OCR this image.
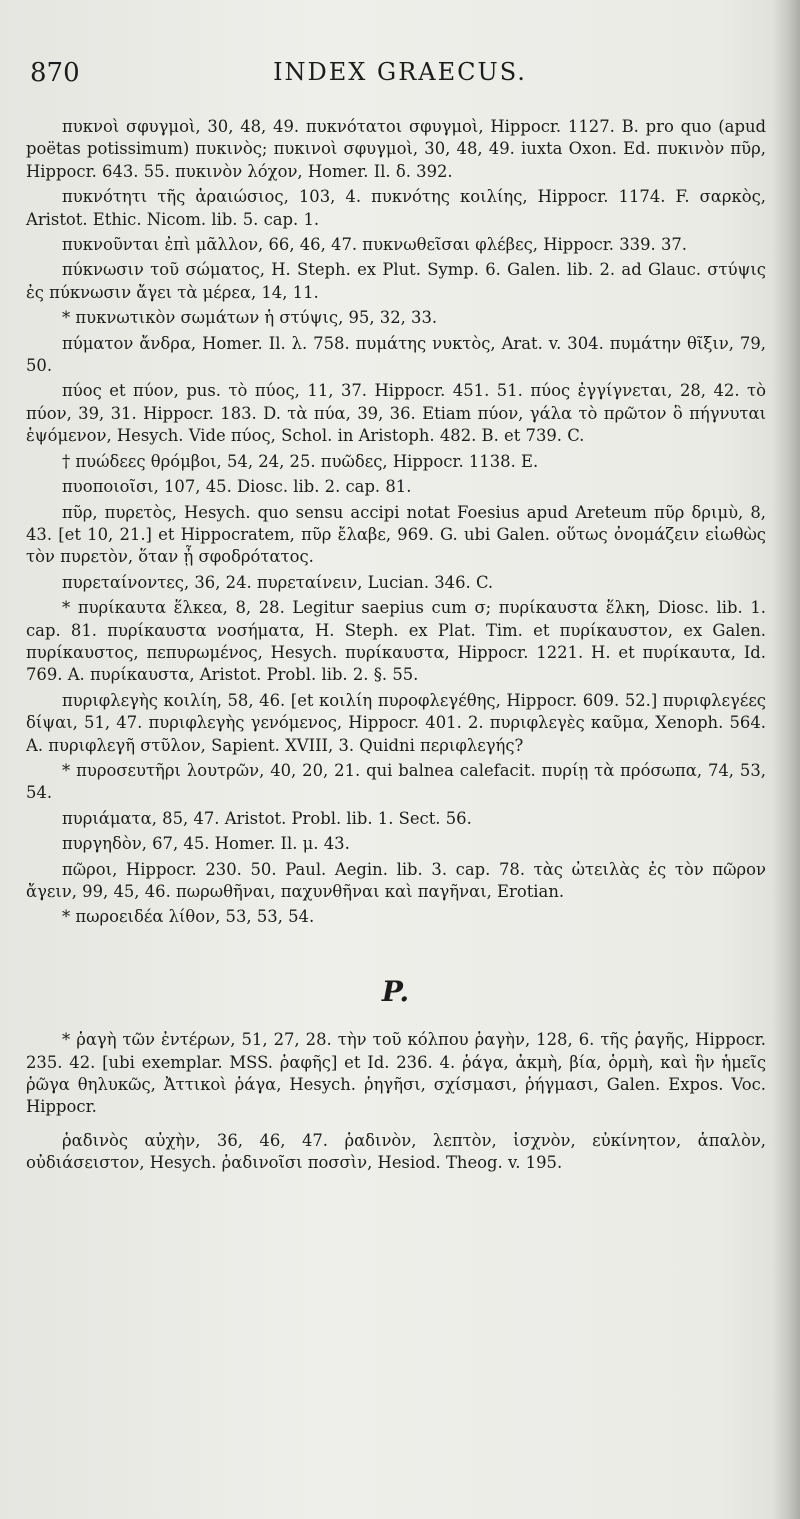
870	INDEX GRAECUS.

πυκνοὶ σφυγμοὶ, 30, 48, 49. πυκνότατοι σφυγμοὶ, Hippocr. 1127. B. pro quo (apud poëtas potissimum) πυκινὸς; πυκινοὶ σφυγμοὶ, 30, 48, 49. iuxta Oxon. Ed. πυκινὸν πῦρ, Hippocr. 643. 55. πυκινὸν λόχον, Homer. Il. δ. 392.

πυκνότητι τῆς ἀραιώσιος, 103, 4. πυκνότης κοιλίης, Hippocr. 1174. F. σαρκὸς, Aristot. Ethic. Nicom. lib. 5. cap. 1.

πυκνοῦνται ἐπὶ μᾶλλον, 66, 46, 47. πυκνωθεῖσαι φλέβες, Hippocr. 339. 37.

πύκνωσιν τοῦ σώματος, H. Steph. ex Plut. Symp. 6. Galen. lib. 2. ad Glauc. στύψις ἐς πύκνωσιν ἄγει τὰ μέρεα, 14, 11.

* πυκνωτικὸν σωμάτων ἡ στύψις, 95, 32, 33.

πύματον ἄνδρα, Homer. Il. λ. 758. πυμάτης νυκτὸς, Arat. v. 304. πυμάτην θῖξιν, 79, 50.

πύος et πύον, pus. τὸ πύος, 11, 37. Hippocr. 451. 51. πύος ἐγγίγνεται, 28, 42. τὸ πύον, 39, 31. Hippocr. 183. D. τὰ πύα, 39, 36. Etiam πύον, γάλα τὸ πρῶτον ὃ πήγνυται ἑψόμενον, Hesych. Vide πύος, Schol. in Aristoph. 482. B. et 739. C.

† πυώδεες θρόμβοι, 54, 24, 25. πυῶδες, Hippocr. 1138. E.

πυοποιοῖσι, 107, 45. Diosc. lib. 2. cap. 81.

πῦρ, πυρετὸς, Hesych. quo sensu accipi notat Foesius apud Areteum πῦρ δριμὺ, 8, 43. [et 10, 21.] et Hippocratem, πῦρ ἔλαβε, 969. G. ubi Galen. οὕτως ὀνομάζειν εἰωθὼς τὸν πυρετὸν, ὅταν ᾖ σφοδρότατος.

πυρεταίνοντες, 36, 24. πυρεταίνειν, Lucian. 346. C.

* πυρίκαυτα ἕλκεα, 8, 28. Legitur saepius cum σ; πυρίκαυστα ἕλκη, Diosc. lib. 1. cap. 81. πυρίκαυστα νοσήματα, H. Steph. ex Plat. Tim. et πυρίκαυστον, ex Galen. πυρίκαυστος, πεπυρωμένος, Hesych. πυρίκαυστα, Hippocr. 1221. H. et πυρίκαυτα, Id. 769. A. πυρίκαυστα, Aristot. Probl. lib. 2. §. 55.

πυριφλεγὴς κοιλίη, 58, 46. [et κοιλίη πυροφλεγέθης, Hippocr. 609. 52.] πυριφλεγέες δίψαι, 51, 47. πυριφλεγὴς γενόμενος, Hippocr. 401. 2. πυριφλεγὲς καῦμα, Xenoph. 564. A. πυριφλεγῆ στῦλον, Sapient. XVIII, 3. Quidni περιφλεγής?

* πυροσευτῆρι λουτρῶν, 40, 20, 21. qui balnea calefacit. πυρίῃ τὰ πρόσωπα, 74, 53, 54.

πυριάματα, 85, 47. Aristot. Probl. lib. 1. Sect. 56.

πυργηδὸν, 67, 45. Homer. Il. μ. 43.

πῶροι, Hippocr. 230. 50. Paul. Aegin. lib. 3. cap. 78. τὰς ὠτειλὰς ἐς τὸν πῶρον ἄγειν, 99, 45, 46. πωρωθῆναι, παχυνθῆναι καὶ παγῆναι, Erotian.

* πωροειδέα λίθον, 53, 53, 54.

P.

* ῥαγὴ τῶν ἐντέρων, 51, 27, 28. τὴν τοῦ κόλπου ῥαγὴν, 128, 6. τῆς ῥαγῆς, Hippocr. 235. 42. [ubi exemplar. MSS. ῥαφῆς] et Id. 236. 4. ῥάγα, ἀκμὴ, βία, ὁρμὴ, καὶ ἣν ἡμεῖς ῥῶγα θηλυκῶς, Ἀττικοὶ ῥάγα, Hesych. ῥηγῆσι, σχίσμασι, ῥήγμασι, Galen. Expos. Voc. Hippocr.

ῥαδινὸς αὐχὴν, 36, 46, 47. ῥαδινὸν, λεπτὸν, ἰσχνὸν, εὐκίνητον, ἁπαλὸν, οὐδιάσειστον, Hesych. ῥαδινοῖσι ποσσὶν, Hesiod. Theog. v. 195.
